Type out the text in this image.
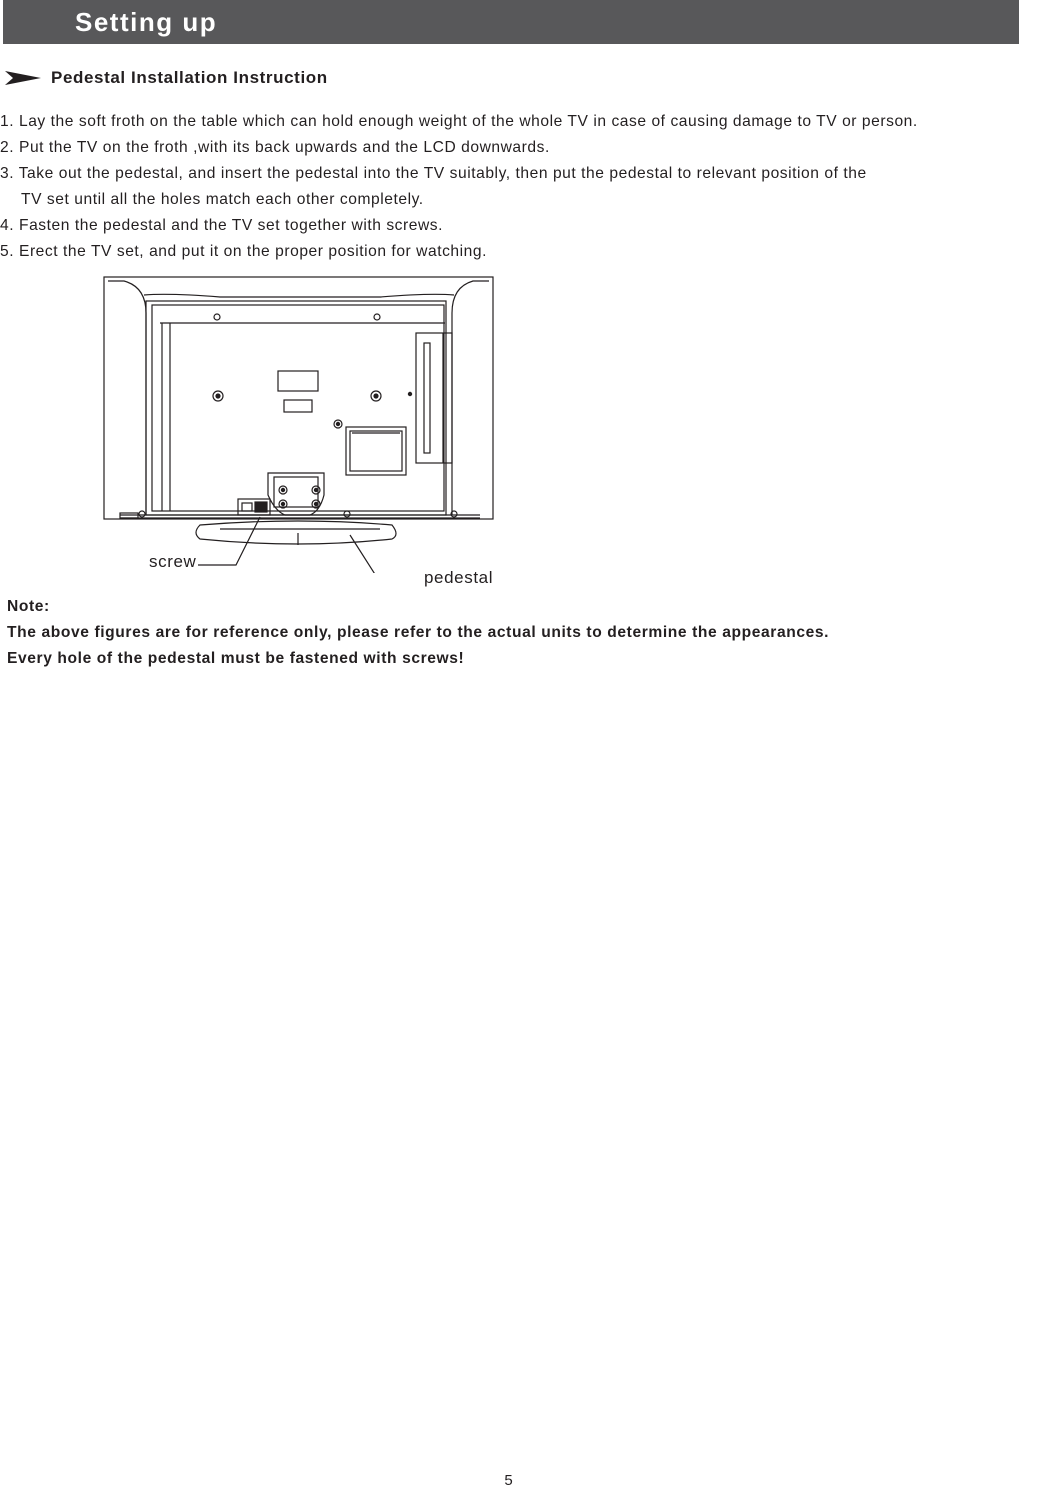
Setting up
Pedestal Installation Instruction
1. Lay the soft froth on the table which can hold enough weight of the whole TV in case of causing damage to TV or person.
2. Put the TV on the froth ,with its back upwards and the LCD downwards.
3. Take out the pedestal, and insert the pedestal into the TV suitably, then put the pedestal to relevant position of the
TV set until all the holes match each other completely.
4. Fasten the pedestal and the TV set together with screws.
5. Erect the TV set, and put it on the proper position for watching.
screw
pedestal
Note:
The above figures are for reference only, please refer to the actual units to determine the appearances.
Every hole of the pedestal must be fastened with screws!
5
